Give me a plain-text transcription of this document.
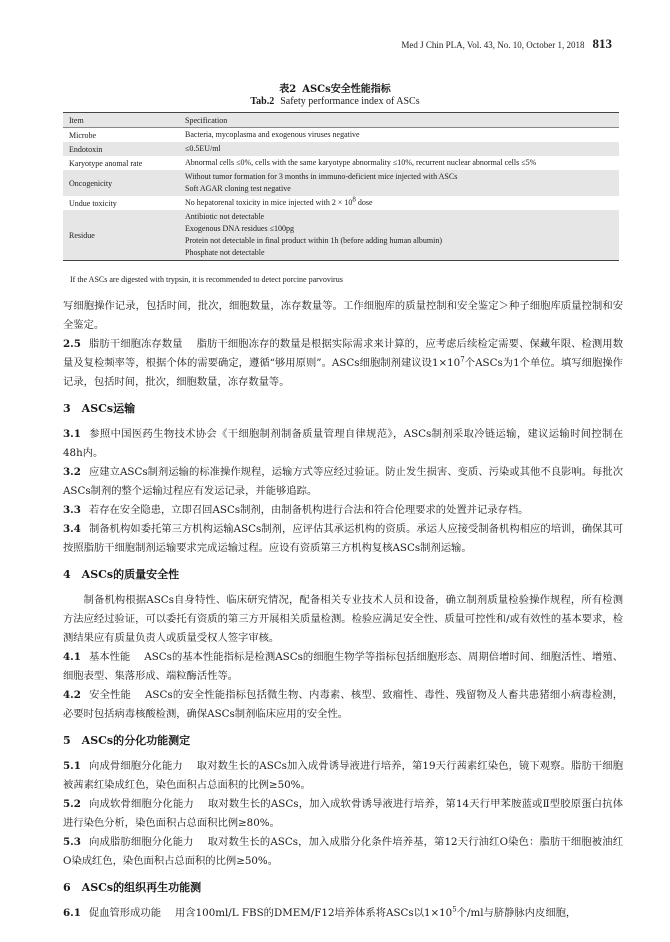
Med J Chin PLA, Vol. 43, No. 10, October 1, 2018 813
表2 ASCs安全性能指标
Tab.2 Safety performance index of ASCs
Item	Specification
Microbe	Bacteria, mycoplasma and exogenous viruses negative

Endotoxin	≤0.5EU/ml

Karyotype anomal rate	Abnormal cells ≤0%, cells with the same karyotype abnormality ≤10%, recurrent nuclear abnormal cells ≤5%

Oncogenicity	Without tumor formation for 3 months in immuno-deficient mice injected with ASCs
Soft AGAR cloning test negative

Undue toxicity	No hepatorenal toxicity in mice injected with $2 \times 10^8$ dose

Residue	Antibiotic not detectable
Exogenous DNA residues ≤100pg
Protein not detectable in final product within 1h (before adding human albumin)
Phosphate not detectable
If the ASCs are digested with trypsin, it is recommended to detect porcine parvovirus

写细胞操作记录，包括时间，批次，细胞数量，冻存数量等。工作细胞库的质量控制和安全鉴定＞种子细胞库质量控制和安全鉴定。

2.5 脂肪干细胞冻存数量 脂肪干细胞冻存的数量是根据实际需求来计算的，应考虑后续检定需要、保藏年限、检测用数量及复检频率等，根据个体的需要确定，遵循“够用原则”。ASCs细胞制剂建议设$1\times 10^7$个ASCs为1个单位。填写细胞操作记录，包括时间，批次，细胞数量，冻存数量等。

3　ASCs运输

3.1 参照中国医药生物技术协会《干细胞制剂制备质量管理自律规范》，ASCs制剂采取冷链运输，建议运输时间控制在48h内。

3.2 应建立ASCs制剂运输的标准操作规程，运输方式等应经过验证。防止发生损害、变质、污染或其他不良影响。每批次ASCs制剂的整个运输过程应有发运记录，并能够追踪。

3.3 若存在安全隐患，立即召回ASCs制剂，由制备机构进行合法和符合伦理要求的处置并记录存档。

3.4 制备机构如委托第三方机构运输ASCs制剂，应评估其承运机构的资质。承运人应接受制备机构相应的培训，确保其可按照脂肪干细胞制剂运输要求完成运输过程。应设有资质第三方机构复核ASCs制剂运输。

4　ASCs的质量安全性

制备机构根据ASCs自身特性、临床研究情况，配备相关专业技术人员和设备，确立制剂质量检验操作规程，所有检测方法应经过验证，可以委托有资质的第三方开展相关质量检测。检验应满足安全性、质量可控性和/或有效性的基本要求，检测结果应有质量负责人或质量受权人签字审核。

4.1 基本性能 ASCs的基本性能指标是检测ASCs的细胞生物学等指标包括细胞形态、周期倍增时间、细胞活性、增殖、细胞表型、集落形成、端粒酶活性等。

4.2 安全性能 ASCs的安全性能指标包括微生物、内毒素、核型、致瘤性、毒性、残留物及人畜共患猪细小病毒检测，必要时包括病毒核酸检测，确保ASCs制剂临床应用的安全性。

5　ASCs的分化功能测定

5.1 向成骨细胞分化能力 取对数生长的ASCs加入成骨诱导液进行培养，第19天行茜素红染色，镜下观察。脂肪干细胞被茜素红染成红色，染色面积占总面积的比例≥50%。

5.2 向成软骨细胞分化能力 取对数生长的ASCs，加入成软骨诱导液进行培养，第14天行甲苯胺蓝或Ⅱ型胶原蛋白抗体进行染色分析，染色面积占总面积比例≥80%。

5.3 向成脂肪细胞分化能力 取对数生长的ASCs，加入成脂分化条件培养基，第12天行油红O染色：脂肪干细胞被油红O染成红色，染色面积占总面积的比例≥50%。

6　ASCs的组织再生功能测

6.1 促血管形成功能 用含100ml/L FBS的DMEM/F12培养体系将ASCs以$1\times 10^5$个/ml与脐静脉内皮细胞，
